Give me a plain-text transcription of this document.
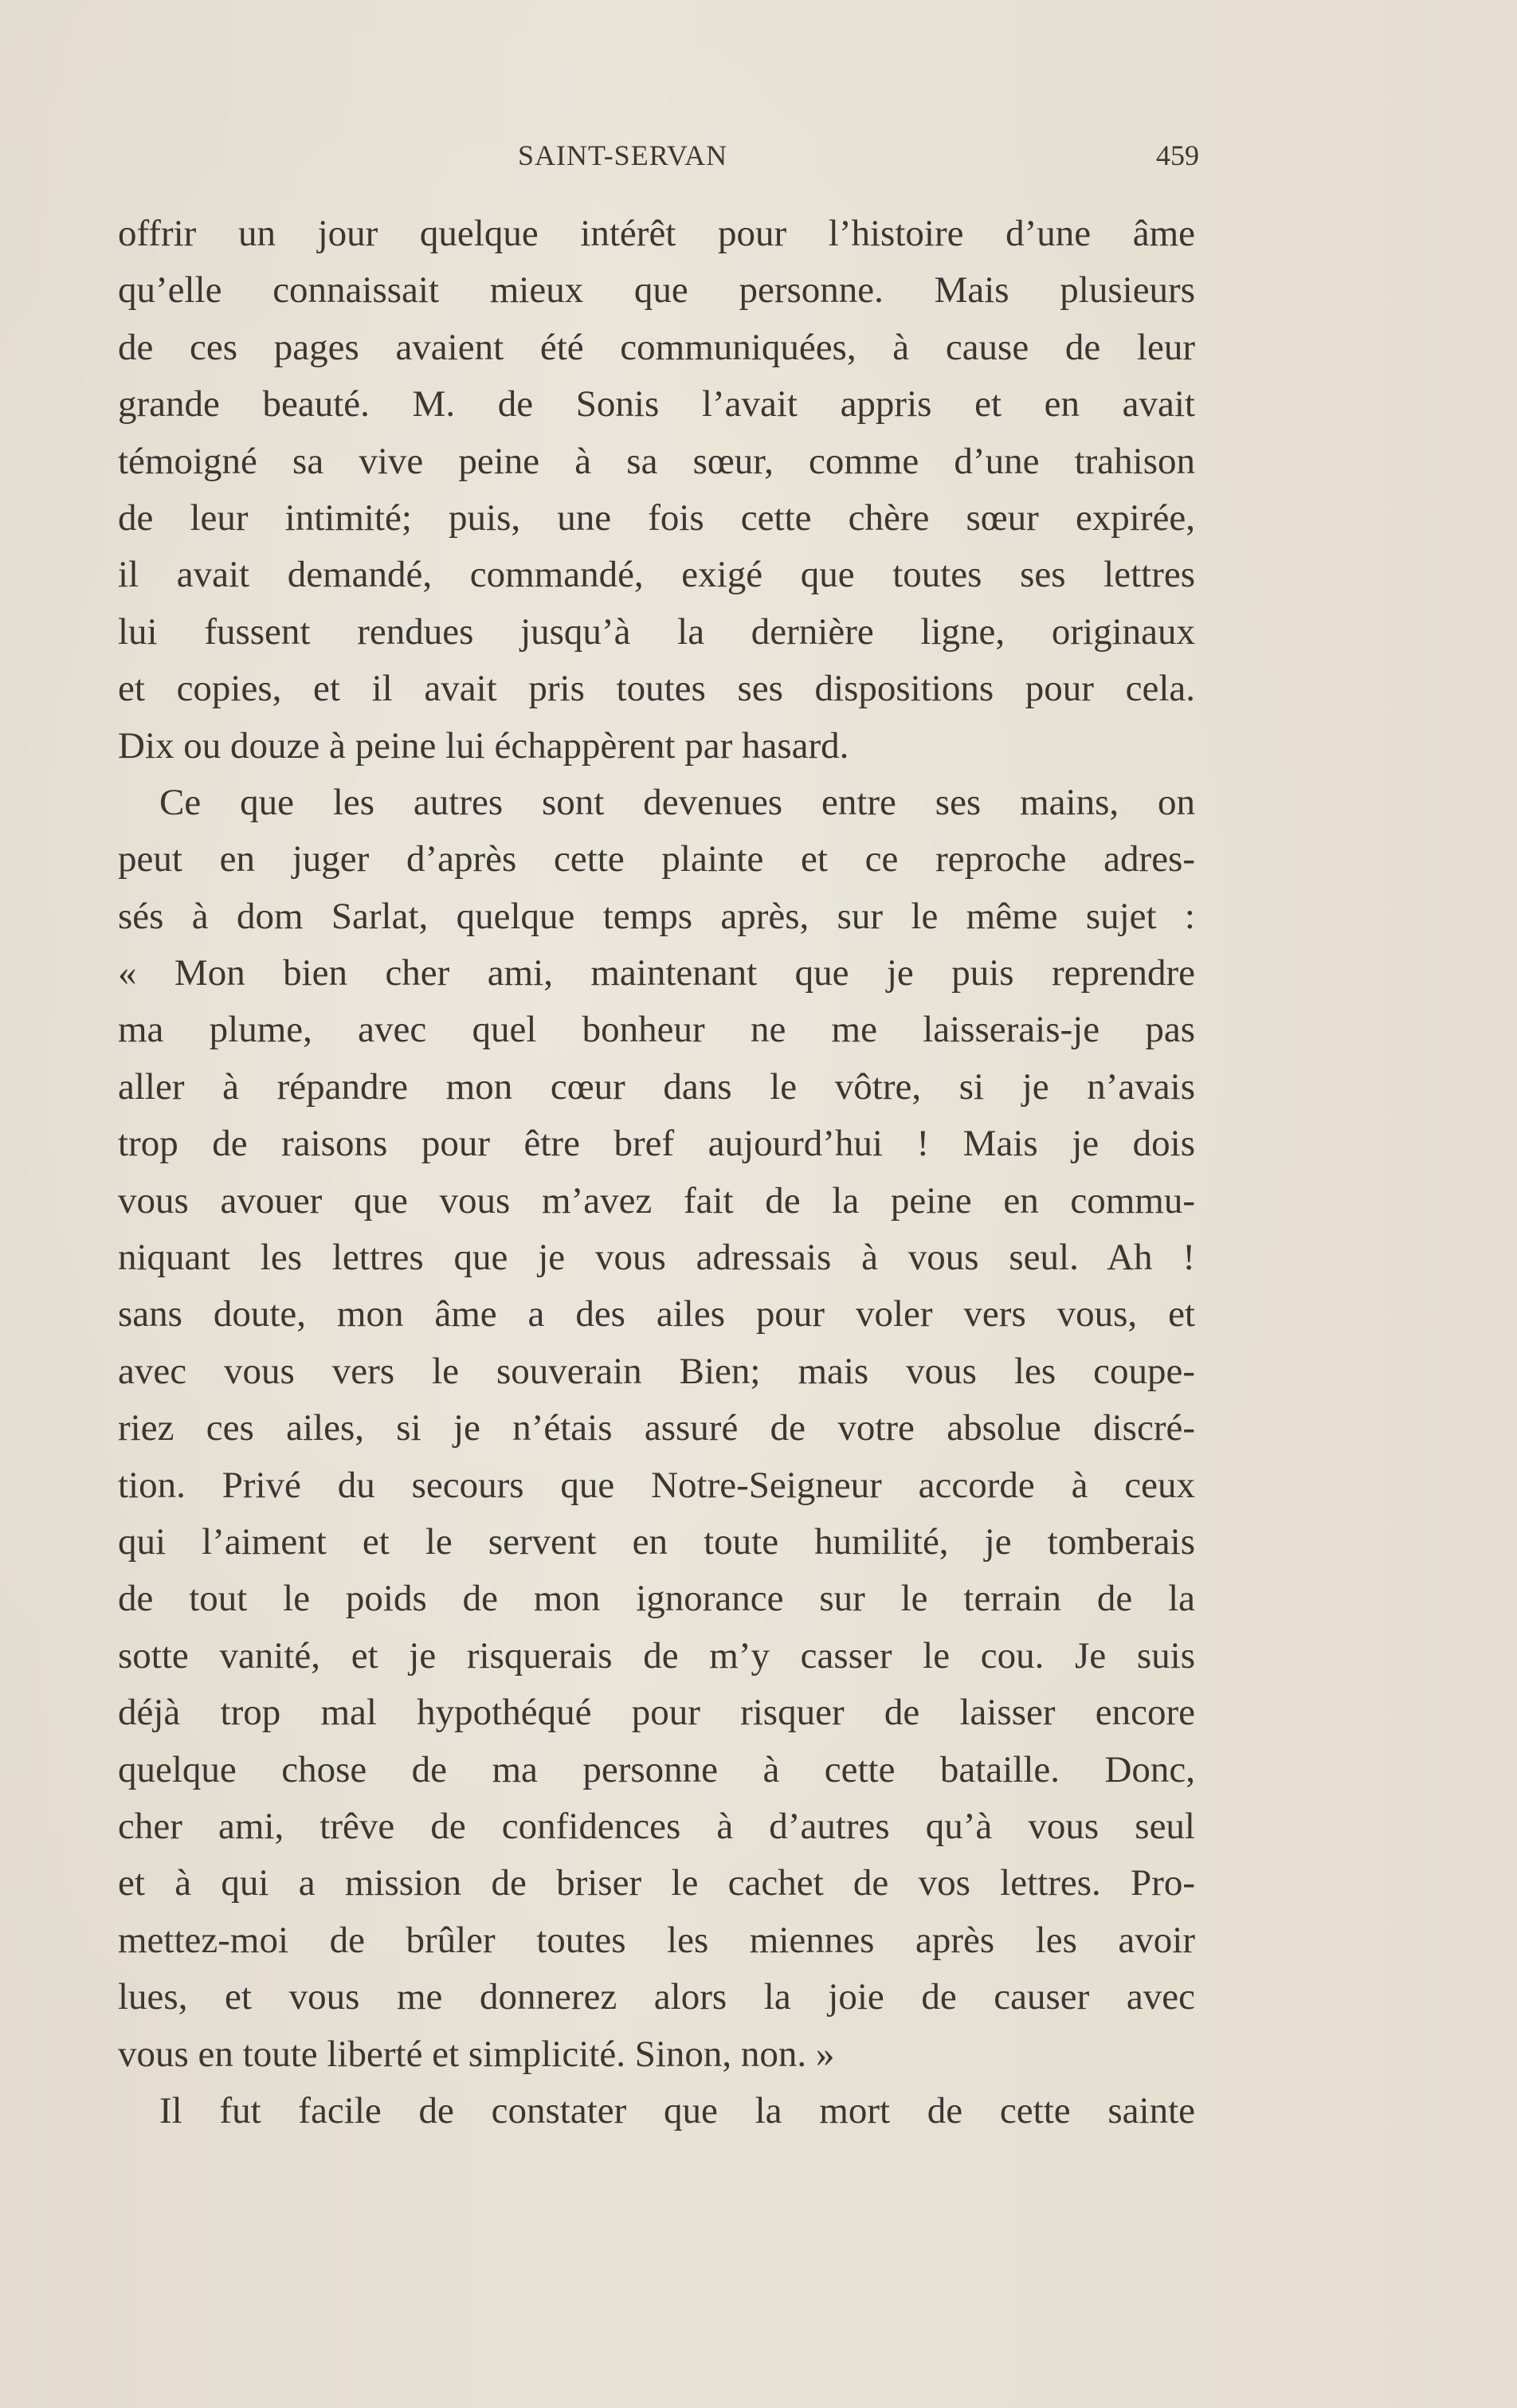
SAINT-SERVAN	459
offrir un jour quelque intérêt pour l’histoire d’une âme
qu’elle connaissait mieux que personne. Mais plusieurs
de ces pages avaient été communiquées, à cause de leur
grande beauté. M. de Sonis l’avait appris et en avait
témoigné sa vive peine à sa sœur, comme d’une trahison
de leur intimité; puis, une fois cette chère sœur expirée,
il avait demandé, commandé, exigé que toutes ses lettres
lui fussent rendues jusqu’à la dernière ligne, originaux
et copies, et il avait pris toutes ses dispositions pour cela.
Dix ou douze à peine lui échappèrent par hasard.
Ce que les autres sont devenues entre ses mains, on
peut en juger d’après cette plainte et ce reproche adres-
sés à dom Sarlat, quelque temps après, sur le même sujet :
« Mon bien cher ami, maintenant que je puis reprendre
ma plume, avec quel bonheur ne me laisserais-je pas
aller à répandre mon cœur dans le vôtre, si je n’avais
trop de raisons pour être bref aujourd’hui ! Mais je dois
vous avouer que vous m’avez fait de la peine en commu-
niquant les lettres que je vous adressais à vous seul. Ah !
sans doute, mon âme a des ailes pour voler vers vous, et
avec vous vers le souverain Bien; mais vous les coupe-
riez ces ailes, si je n’étais assuré de votre absolue discré-
tion. Privé du secours que Notre-Seigneur accorde à ceux
qui l’aiment et le servent en toute humilité, je tomberais
de tout le poids de mon ignorance sur le terrain de la
sotte vanité, et je risquerais de m’y casser le cou. Je suis
déjà trop mal hypothéqué pour risquer de laisser encore
quelque chose de ma personne à cette bataille. Donc,
cher ami, trêve de confidences à d’autres qu’à vous seul
et à qui a mission de briser le cachet de vos lettres. Pro-
mettez-moi de brûler toutes les miennes après les avoir
lues, et vous me donnerez alors la joie de causer avec
vous en toute liberté et simplicité. Sinon, non. »
Il fut facile de constater que la mort de cette sainte
